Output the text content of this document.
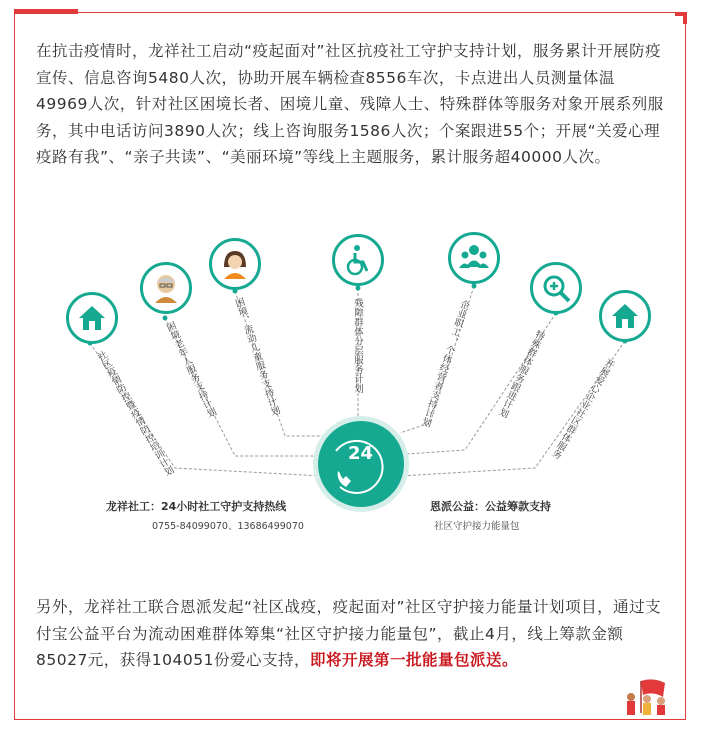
在抗击疫情时，龙祥社工启动“疫起面对”社区抗疫社工守护支持计划，服务累计开展防疫宣传、信息咨询5480人次，协助开展车辆检查8556车次，卡点进出人员测量体温49969人次，针对社区困境长者、困境儿童、残障人士、特殊群体等服务对象开展系列服务，其中电话访问3890人次；线上咨询服务1586人次；个案跟进55个；开展“关爱心理 疫路有我”、“亲子共读”、“美丽环境”等线上主题服务，累计服务超40000人次。

社区疫情防控暨疫情防控培训计划
困境老年人服务支持计划 困境、流动儿童服务支持计划	残障群体分层服务计划	企业职工、个体经营者支持计划	特殊群体服务跟进计划 开展爱心企业社区群体服务
24
龙祥社工：24小时社工守护支持热线
0755-84099070、13686499070
恩派公益：公益筹款支持
社区守护接力能量包

另外，龙祥社工联合恩派发起“社区战疫，疫起面对”社区守护接力能量计划项目，通过支付宝公益平台为流动困难群体筹集“社区守护接力能量包”，截止4月，线上筹款金额85027元，获得104051份爱心支持，即将开展第一批能量包派送。
